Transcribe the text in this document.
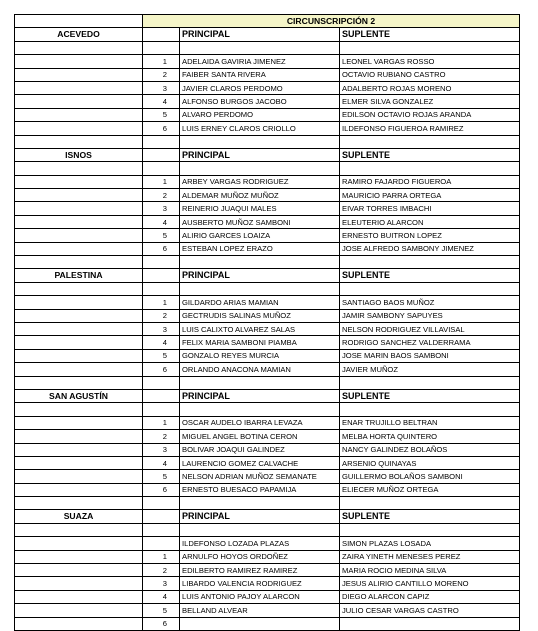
	CIRCUNSCRIPCIÓN 2		
ACEVEDO		PRINCIPAL	SUPLENTE

	1	ADELAIDA GAVIRIA JIMENEZ	LEONEL VARGAS ROSSO
	2	FAIBER SANTA RIVERA	OCTAVIO RUBIANO CASTRO
	3	JAVIER CLAROS PERDOMO	ADALBERTO ROJAS MORENO
	4	ALFONSO BURGOS JACOBO	ELMER SILVA GONZALEZ
	5	ALVARO PERDOMO	EDILSON OCTAVIO ROJAS ARANDA
	6	LUIS ERNEY CLAROS CRIOLLO	ILDEFONSO FIGUEROA RAMIREZ

ISNOS		PRINCIPAL	SUPLENTE

	1	ARBEY VARGAS RODRIGUEZ	RAMIRO FAJARDO FIGUEROA
	2	ALDEMAR MUÑOZ MUÑOZ	MAURICIO PARRA ORTEGA
	3	REINERIO JUAQUI MALES	EIVAR TORRES IMBACHI
	4	AUSBERTO MUÑOZ SAMBONI	ELEUTERIO ALARCON
	5	ALIRIO GARCES LOAIZA	ERNESTO BUITRON LOPEZ
	6	ESTEBAN LOPEZ ERAZO	JOSE ALFREDO SAMBONY JIMENEZ

PALESTINA		PRINCIPAL	SUPLENTE

	1	GILDARDO ARIAS MAMIAN	SANTIAGO BAOS MUÑOZ
	2	GECTRUDIS SALINAS MUÑOZ	JAMIR SAMBONY SAPUYES
	3	LUIS CALIXTO ALVAREZ SALAS	NELSON RODRIGUEZ VILLAVISAL
	4	FELIX MARIA SAMBONI PIAMBA	RODRIGO SANCHEZ VALDERRAMA
	5	GONZALO REYES MURCIA	JOSE MARIN BAOS SAMBONI
	6	ORLANDO ANACONA MAMIAN	JAVIER MUÑOZ

SAN AGUSTÍN		PRINCIPAL	SUPLENTE

	1	OSCAR AUDELO IBARRA LEVAZA	ENAR TRUJILLO BELTRAN
	2	MIGUEL ANGEL BOTINA CERON	MELBA HORTA QUINTERO
	3	BOLIVAR JOAQUI GALINDEZ	NANCY GALINDEZ BOLAÑOS
	4	LAURENCIO GOMEZ CALVACHE	ARSENIO QUINAYAS
	5	NELSON ADRIAN MUÑOZ SEMANATE	GUILLERMO BOLAÑOS SAMBONI
	6	ERNESTO BUESACO PAPAMIJA	ELIECER MUÑOZ ORTEGA

SUAZA		PRINCIPAL	SUPLENTE

		ILDEFONSO LOZADA PLAZAS	SIMON PLAZAS LOSADA
	1	ARNULFO HOYOS ORDOÑEZ	ZAIRA YINETH MENESES PEREZ
	2	EDILBERTO RAMIREZ RAMIREZ	MARIA ROCIO MEDINA SILVA
	3	LIBARDO VALENCIA RODRIGUEZ	JESUS ALIRIO CANTILLO MORENO
	4	LUIS ANTONIO PAJOY ALARCON	DIEGO ALARCON CAPIZ
	5	BELLAND ALVEAR	JULIO CESAR VARGAS CASTRO
	6		
